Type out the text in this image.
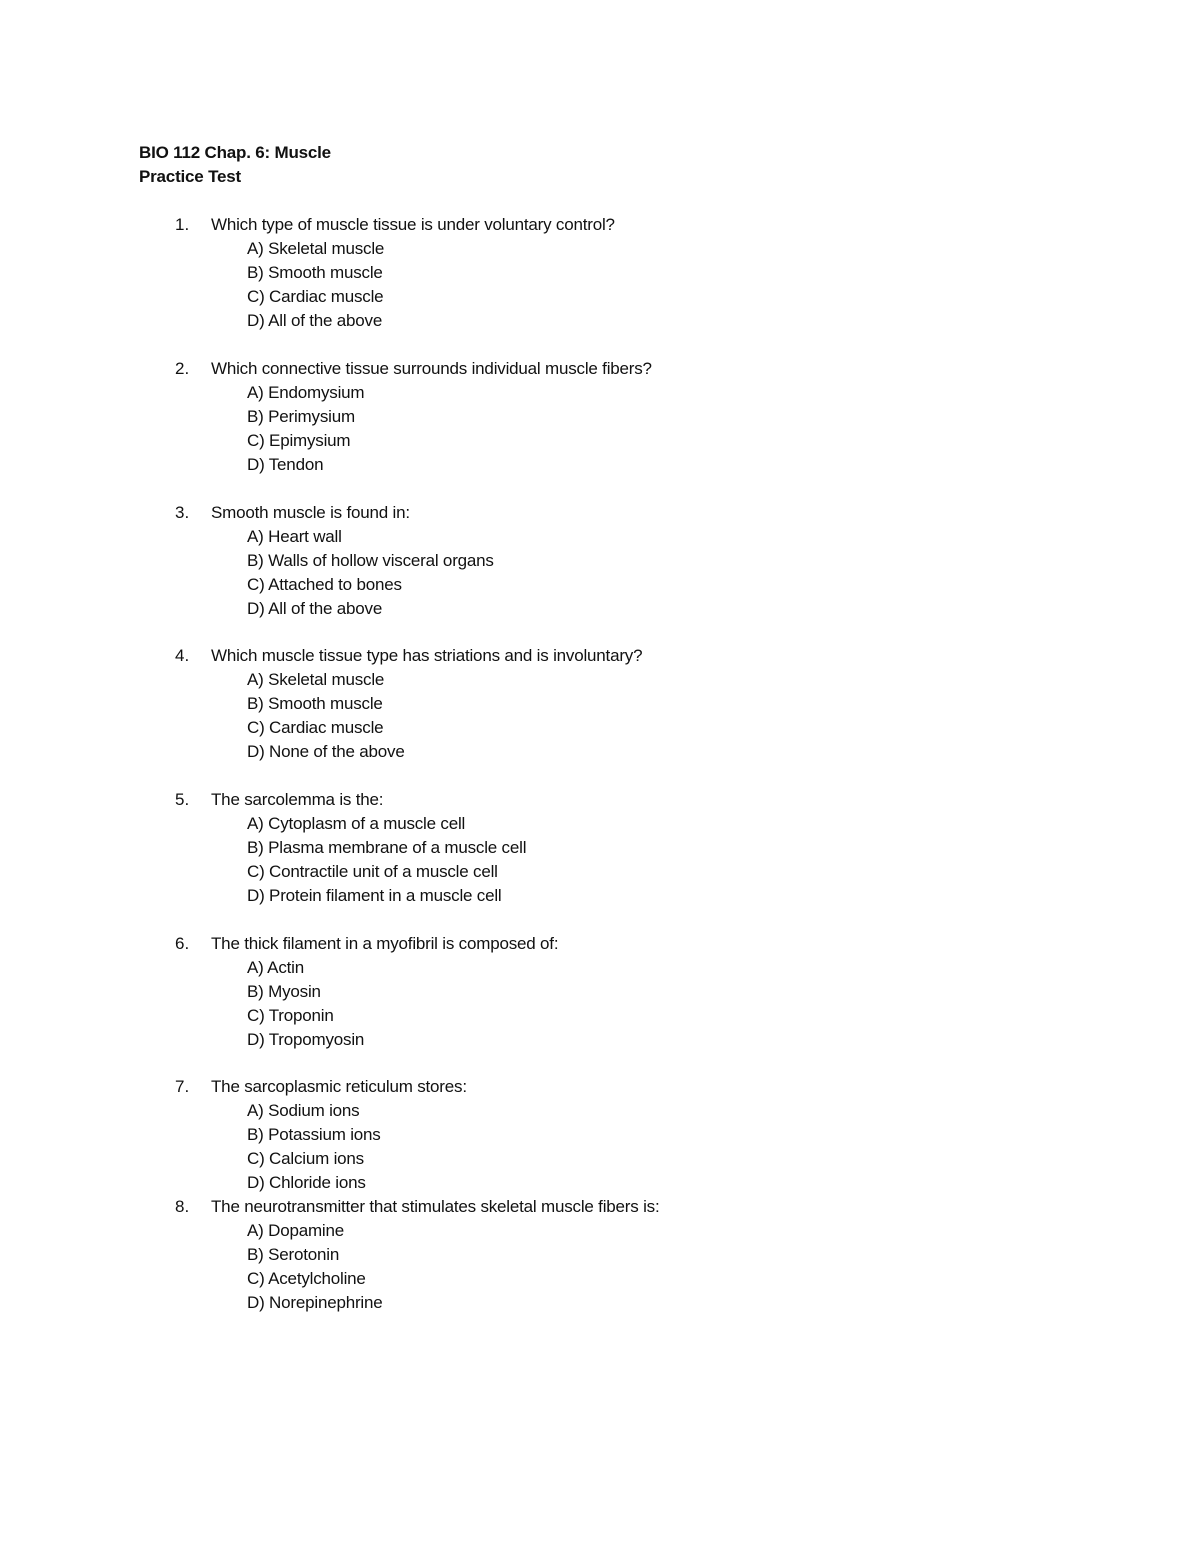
BIO 112 Chap. 6: Muscle
Practice Test
1. Which type of muscle tissue is under voluntary control?
A) Skeletal muscle
B) Smooth muscle
C) Cardiac muscle
D) All of the above
2. Which connective tissue surrounds individual muscle fibers?
A) Endomysium
B) Perimysium
C) Epimysium
D) Tendon
3. Smooth muscle is found in:
A) Heart wall
B) Walls of hollow visceral organs
C) Attached to bones
D) All of the above
4. Which muscle tissue type has striations and is involuntary?
A) Skeletal muscle
B) Smooth muscle
C) Cardiac muscle
D) None of the above
5. The sarcolemma is the:
A) Cytoplasm of a muscle cell
B) Plasma membrane of a muscle cell
C) Contractile unit of a muscle cell
D) Protein filament in a muscle cell
6. The thick filament in a myofibril is composed of:
A) Actin
B) Myosin
C) Troponin
D) Tropomyosin
7. The sarcoplasmic reticulum stores:
A) Sodium ions
B) Potassium ions
C) Calcium ions
D) Chloride ions
8. The neurotransmitter that stimulates skeletal muscle fibers is:
A) Dopamine
B) Serotonin
C) Acetylcholine
D) Norepinephrine
